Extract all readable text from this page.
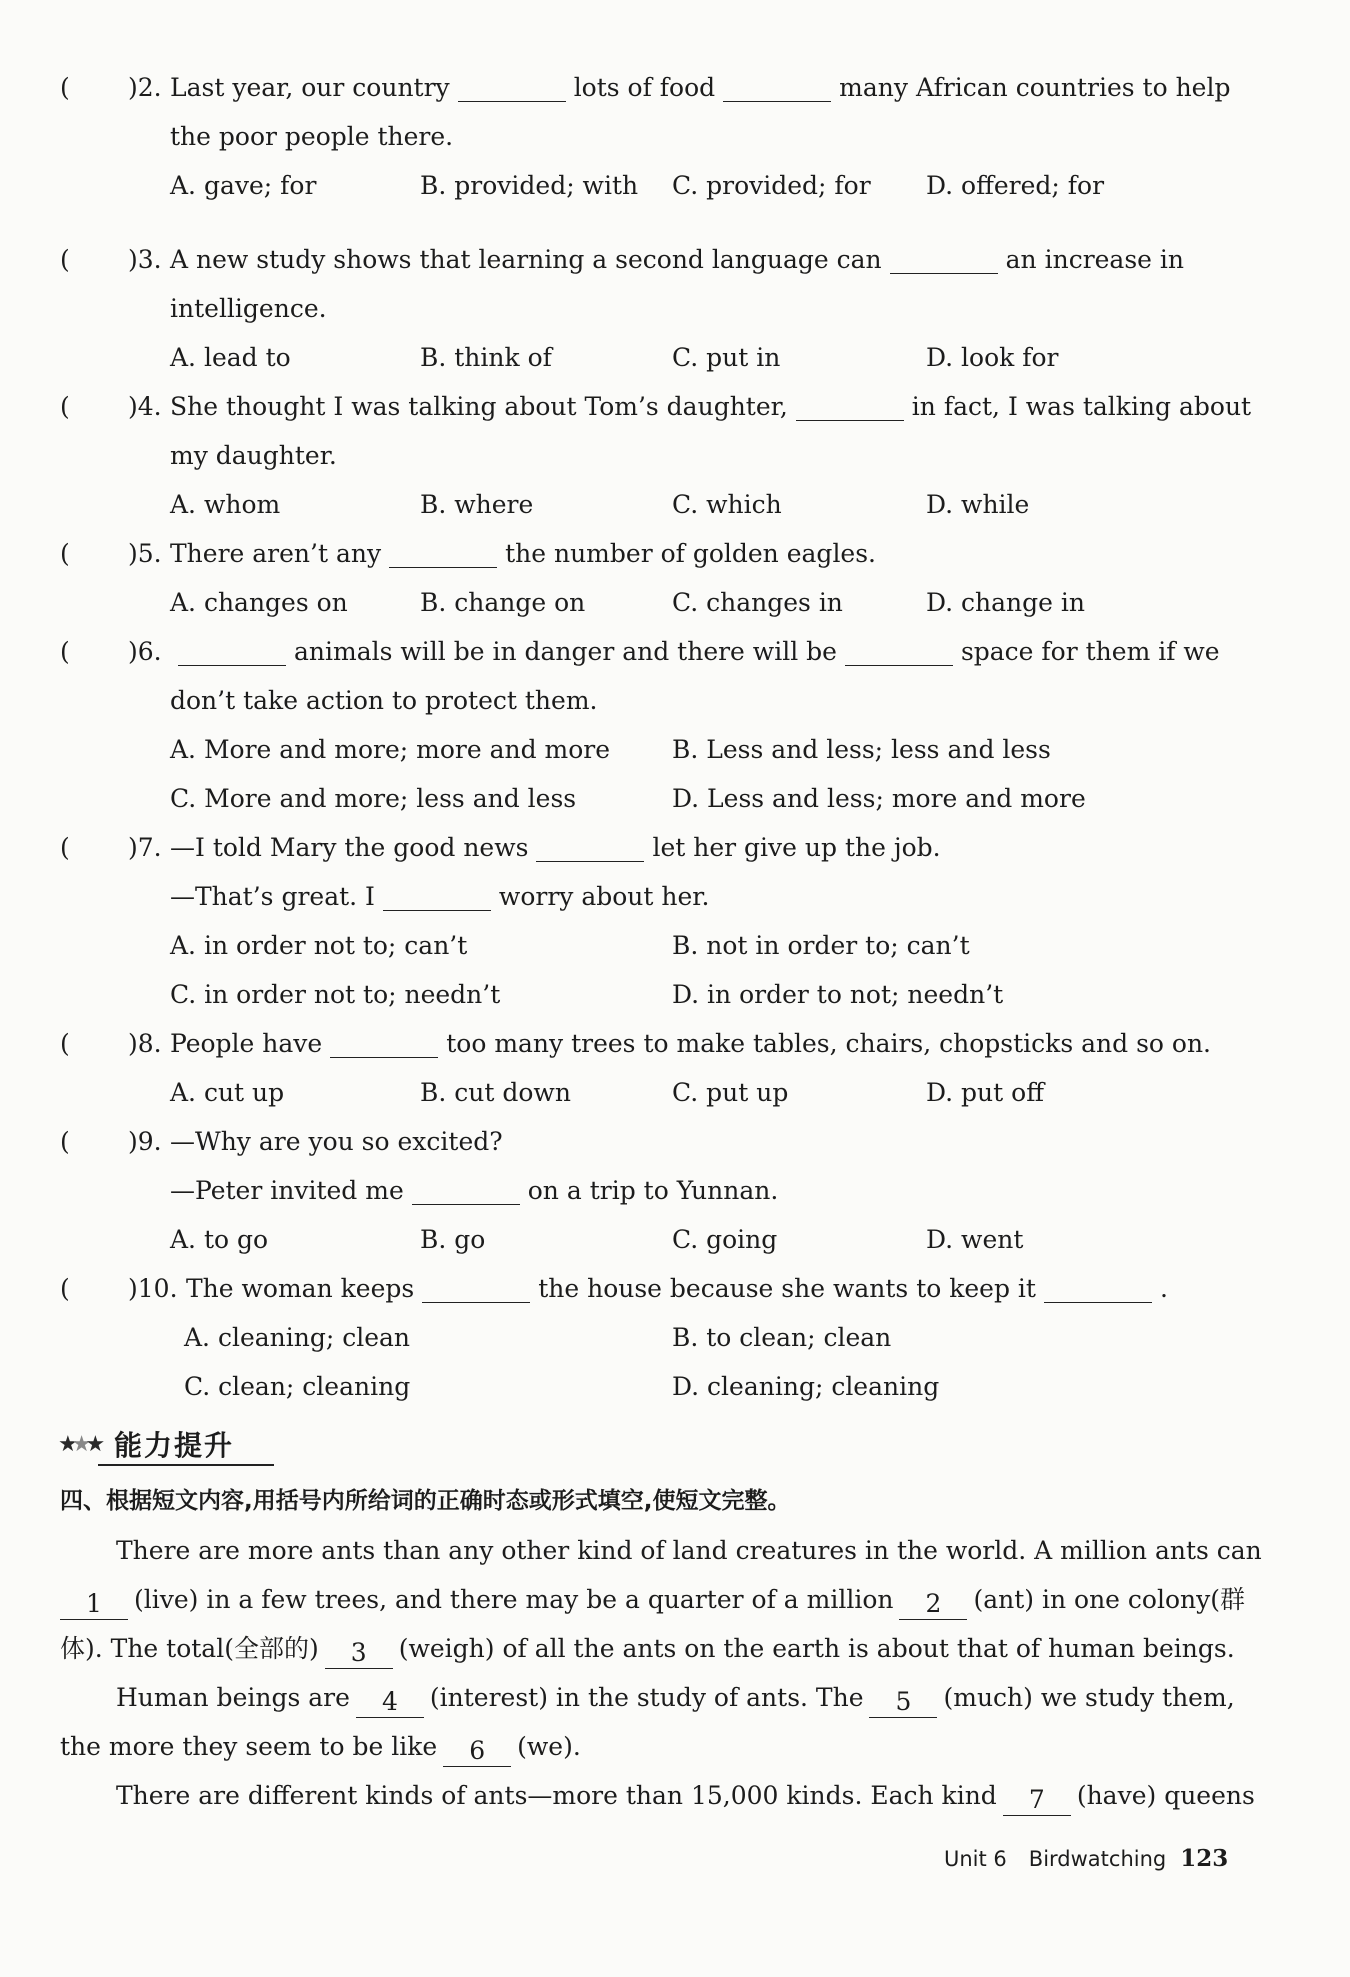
( )2. Last year, our country	lots of food	many African countries to help
the poor people there.
A. gave; for	B. provided; with C. provided; for D. offered; for
( )3. A new study shows that learning a second language can	an increase in
intelligence.
A. lead to	B. think of	C. put in	D. look for
( )4. She thought I was talking about Tom’s daughter,	in fact, I was talking about
my daughter.
A. whom	B. where	C. which	D. while
( )5. There aren’t any	the number of golden eagles.
A. changes on	B. change on	C. changes in	D. change in
( )6.	animals will be in danger and there will be	space for them if we
don’t take action to protect them.
A. More and more; more and more B. Less and less; less and less
C. More and more; less and less	D. Less and less; more and more
( )7. —I told Mary the good news	let her give up the job.
—That’s great. I	worry about her.
A. in order not to; can’t	B. not in order to; can’t
C. in order not to; needn’t	D. in order to not; needn’t
( )8. People have	too many trees to make tables, chairs, chopsticks and so on.
A. cut up	B. cut down	C. put up	D. put off
( )9. —Why are you so excited?
—Peter invited me	on a trip to Yunnan.
A. to go	B. go	C. going	D. went
( )10. The woman keeps	the house because she wants to keep it	.
A. cleaning; clean	B. to clean; clean
C. clean; cleaning	D. cleaning; cleaning
★★★ 能力提升
四、根据短文内容,用括号内所给词的正确时态或形式填空,使短文完整。
There are more ants than any other kind of land creatures in the world. A million ants can
1 (live) in a few trees, and there may be a quarter of a million 2 (ant) in one colony(群
体). The total(全部的) 3 (weigh) of all the ants on the earth is about that of human beings.
Human beings are 4 (interest) in the study of ants. The 5 (much) we study them,
the more they seem to be like 6 (we).
There are different kinds of ants—more than 15,000 kinds. Each kind 7 (have) queens
Unit 6 Birdwatching 123
